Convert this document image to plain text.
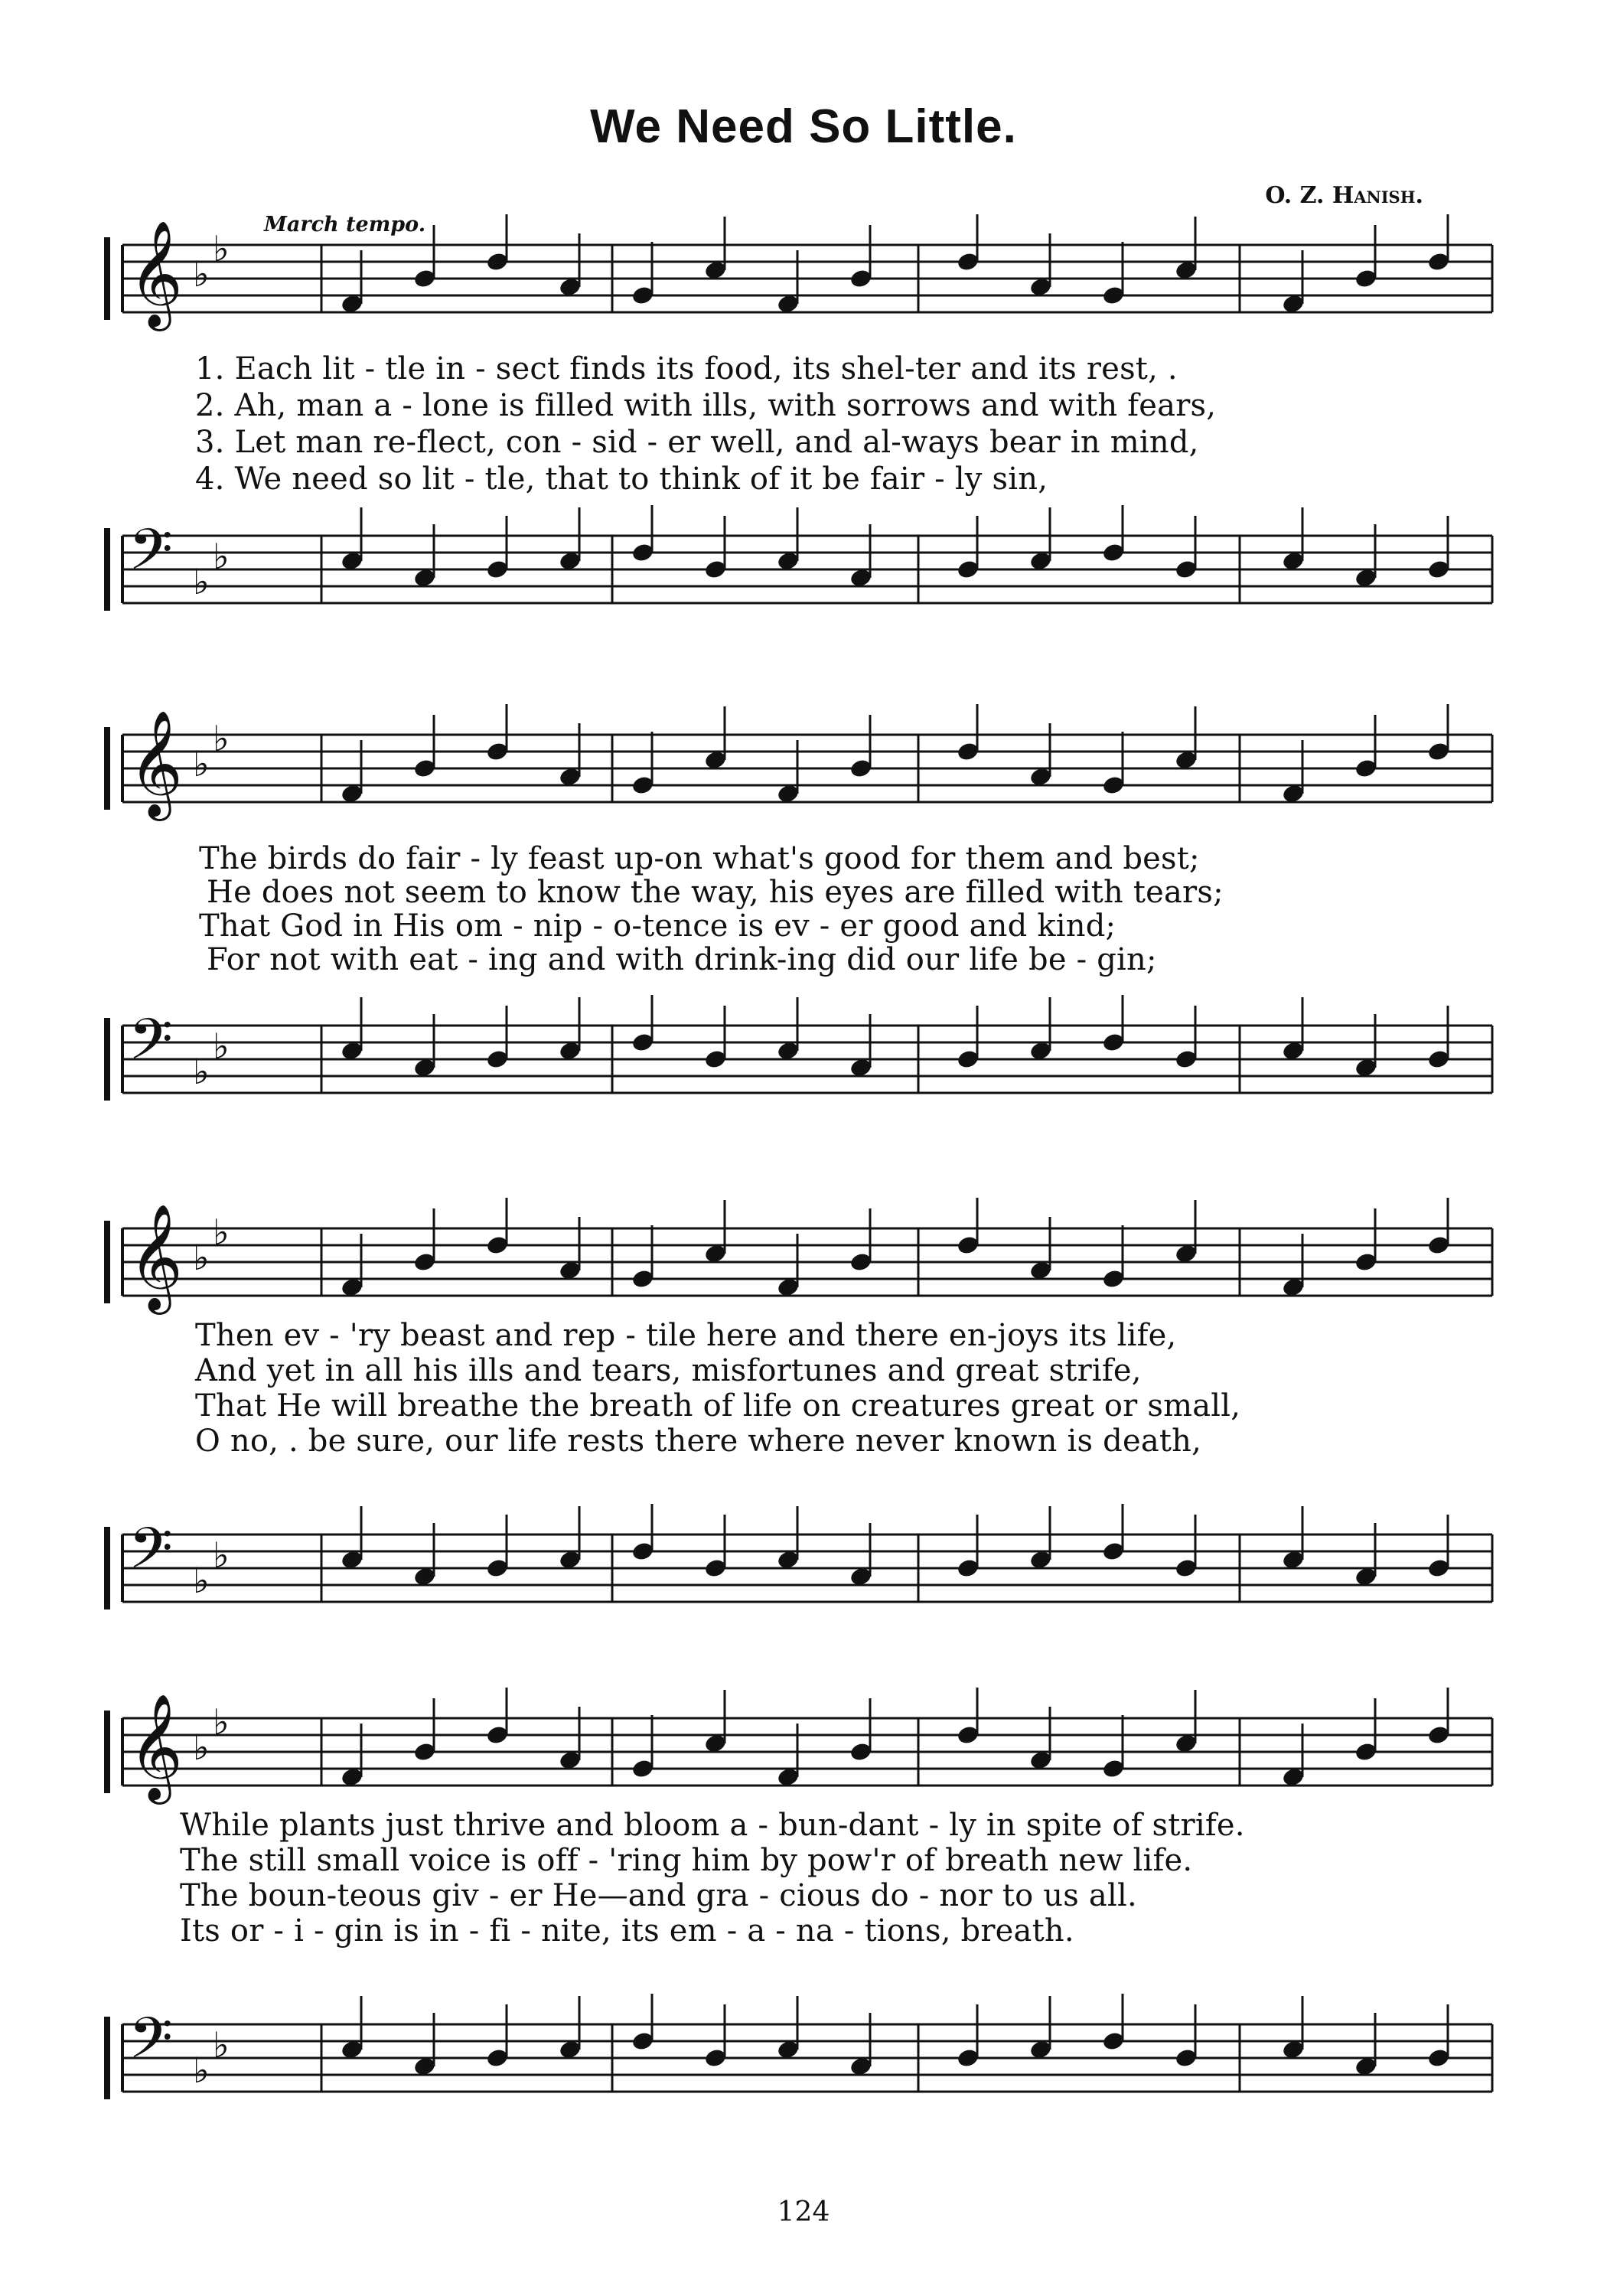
We Need So Little.
O. Z. Hanish.
March tempo.
𝄞 ♭
♭
1. Each lit - tle in - sect finds its food, its shel-ter and its rest, .
2. Ah, man a - lone is filled with ills, with sorrows and with fears,
3. Let man re-flect, con - sid - er well, and al-ways bear in mind,
4. We need so lit - tle, that to think of it be fair - ly sin,
𝄢 ♭
♭
𝄞 ♭
♭
The birds do fair - ly feast up-on what's good for them and best;
He does not seem to know the way, his eyes are filled with tears;
That God in His om - nip - o-tence is ev - er good and kind;
For not with eat - ing and with drink-ing did our life be - gin;
𝄢 ♭
♭
𝄞 ♭
♭
Then ev - 'ry beast and rep - tile here and there en-joys its life,
And yet in all his ills and tears, misfortunes and great strife,
That He will breathe the breath of life on creatures great or small,
O no, . be sure, our life rests there where never known is death,
𝄢 ♭
♭
𝄞 ♭
♭
While plants just thrive and bloom a - bun-dant - ly in spite of strife.
The still small voice is off - 'ring him by pow'r of breath new life.
The boun-teous giv - er He—and gra - cious do - nor to us all.
Its or - i - gin is in - fi - nite, its em - a - na - tions, breath.
𝄢 ♭
♭
124
